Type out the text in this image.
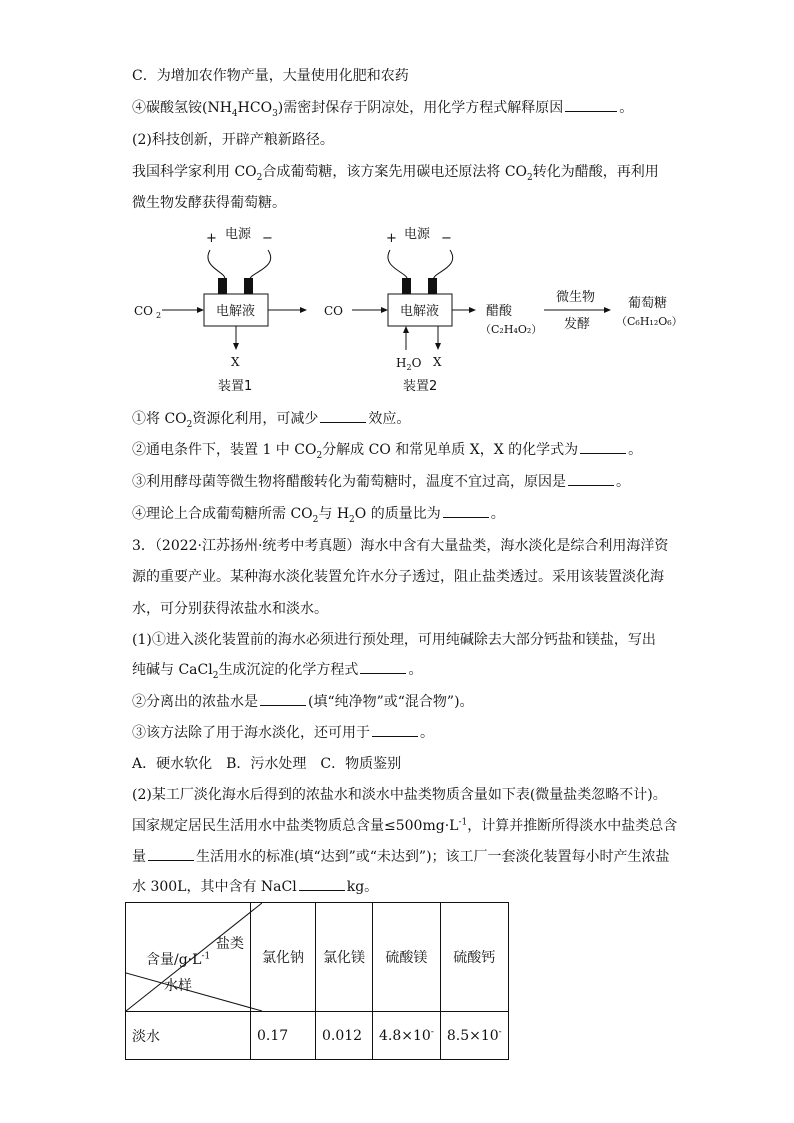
C．为增加农作物产量，大量使用化肥和农药
④碳酸氢铵$(NH_4HCO_3)$需密封保存于阴凉处，用化学方程式解释原因	。
(2)科技创新，开辟产粮新路径。
我国科学家利用 $CO_2$合成葡萄糖，该方案先用碳电还原法将 $CO_2$转化为醋酸，再利用
微生物发酵获得葡萄糖。
电源
+	−
电解液
CO 2
X
装置1
CO
电源
+	−
电解液
$H_2O$ X
装置2
醋酸
（C₂H₄O₂）
微生物
发酵
葡萄糖
（C₆H₁₂O₆）
①将 $CO_2$资源化利用，可减少	效应。
②通电条件下，装置 1 中 $CO_2$分解成 CO 和常见单质 X，X 的化学式为	。
③利用酵母菌等微生物将醋酸转化为葡萄糖时，温度不宜过高，原因是	。
④理论上合成葡萄糖所需 $CO_2$与 $H_2O$ 的质量比为	。
3．（2022·江苏扬州·统考中考真题）海水中含有大量盐类，海水淡化是综合利用海洋资
源的重要产业。某种海水淡化装置允许水分子透过，阻止盐类透过。采用该装置淡化海
水，可分别获得浓盐水和淡水。
(1)①进入淡化装置前的海水必须进行预处理，可用纯碱除去大部分钙盐和镁盐，写出
纯碱与 CaCl$_2$生成沉淀的化学方程式	。
②分离出的浓盐水是	(填“纯净物”或“混合物”)。
③该方法除了用于海水淡化，还可用于	。
A．硬水软化　B．污水处理　C．物质鉴别
(2)某工厂淡化海水后得到的浓盐水和淡水中盐类物质含量如下表(微量盐类忽略不计)。
国家规定居民生活用水中盐类物质总含量$\le 500mg\cdot L^{-1}$，计算并推断所得淡水中盐类总含
量	生活用水的标准(填“达到”或“未达到”)；该工厂一套淡化装置每小时产生浓盐
水 300L，其中含有 NaCl	kg。
盐类
含量$/g\cdot L^{-1}$
水样	氯化钠	氯化镁	硫酸镁	硫酸钙
淡水	0.17	0.012	4.8×10-	8.5×10-
